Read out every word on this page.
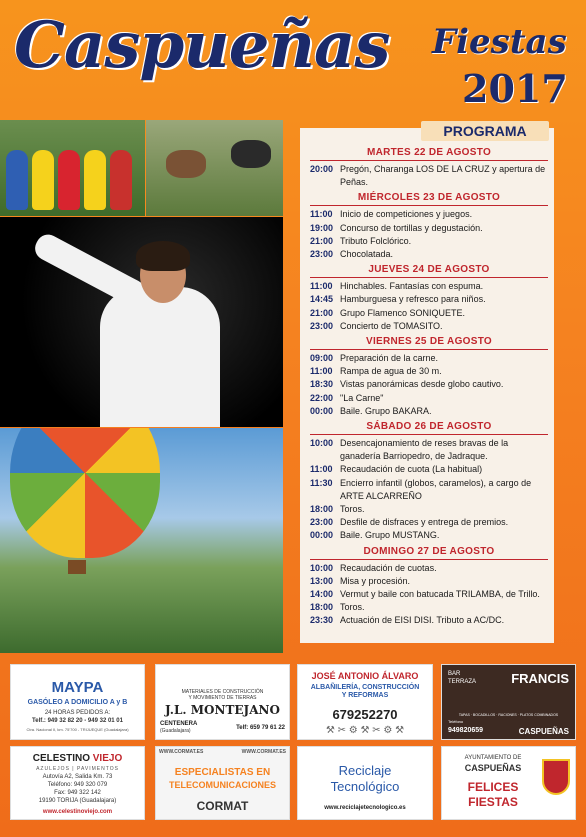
Caspueñas Fiestas
2017
PROGRAMA
MARTES 22 DE AGOSTO
20:00 Pregón, Charanga LOS DE LA CRUZ y apertura de Peñas.
MIÉRCOLES 23 DE AGOSTO
11:00 Inicio de competiciones y juegos.
19:00 Concurso de tortillas y degustación.
21:00 Tributo Folclórico.
23:00 Chocolatada.
JUEVES 24 DE AGOSTO
11:00 Hinchables. Fantasías con espuma.
14:45 Hamburguesa y refresco para niños.
21:00 Grupo Flamenco SONIQUETE.
23:00 Concierto de TOMASITO.
VIERNES 25 DE AGOSTO
09:00 Preparación de la carne.
11:00 Rampa de agua de 30 m.
18:30 Vistas panorámicas desde globo cautivo.
22:00 "La Carne"
00:00 Baile. Grupo BAKARA.
SÁBADO 26 DE AGOSTO
10:00 Desencajonamiento de reses bravas de la ganadería Barriopedro, de Jadraque.
11:00 Recaudación de cuota (La habitual)
11:30 Encierro infantil (globos, caramelos), a cargo de ARTE ALCARREÑO
18:00 Toros.
23:00 Desfile de disfraces y entrega de premios.
00:00 Baile. Grupo MUSTANG.
DOMINGO 27 DE AGOSTO
10:00 Recaudación de cuotas.
13:00 Misa y procesión.
14:00 Vermut y baile con batucada TRILAMBA, de Trillo.
18:00 Toros.
23:30 Actuación de EISI DISI. Tributo a AC/DC.
MAYPA
GASÓLEO A DOMICILIO A y B
24 HORAS PEDIDOS A:
Telf.: 949 32 82 20 - 949 32 01 01
Ctra. Nacional II, km. 75'700 - TRIJUEQUE (Guadalajara)
MATERIALES DE CONSTRUCCIÓN
Y MOVIMIENTO DE TIERRAS
J.L. MONTEJANO
CENTENERA
(Guadalajara)	Telf: 659 79 61 22
JOSÉ ANTONIO ÁLVARO
ALBAÑILERÍA, CONSTRUCCIÓN
Y REFORMAS
679252270
⚒ ✂ ⚙ ⚒ ✂ ⚙ ⚒
BAR
TERRAZA	FRANCIS
TAPAS · BOCADILLOS · RACIONES · PLATOS COMBINADOS
Teléfono
949820659	CASPUEÑAS
CELESTINO VIEJO
AZULEJOS | PAVIMENTOS
Autovía A2, Salida Km. 73
Teléfono: 949 320 079
Fax: 949 322 142
19190 TORIJA (Guadalajara)
www.celestinoviejo.com
WWW.CORMAT.ES	WWW.CORMAT.ES
ESPECIALISTAS EN
TELECOMUNICACIONES
CORMAT
Reciclaje
Tecnológico
www.reciclajetecnologico.es
AYUNTAMIENTO DE
CASPUEÑAS
FELICES
FIESTAS
